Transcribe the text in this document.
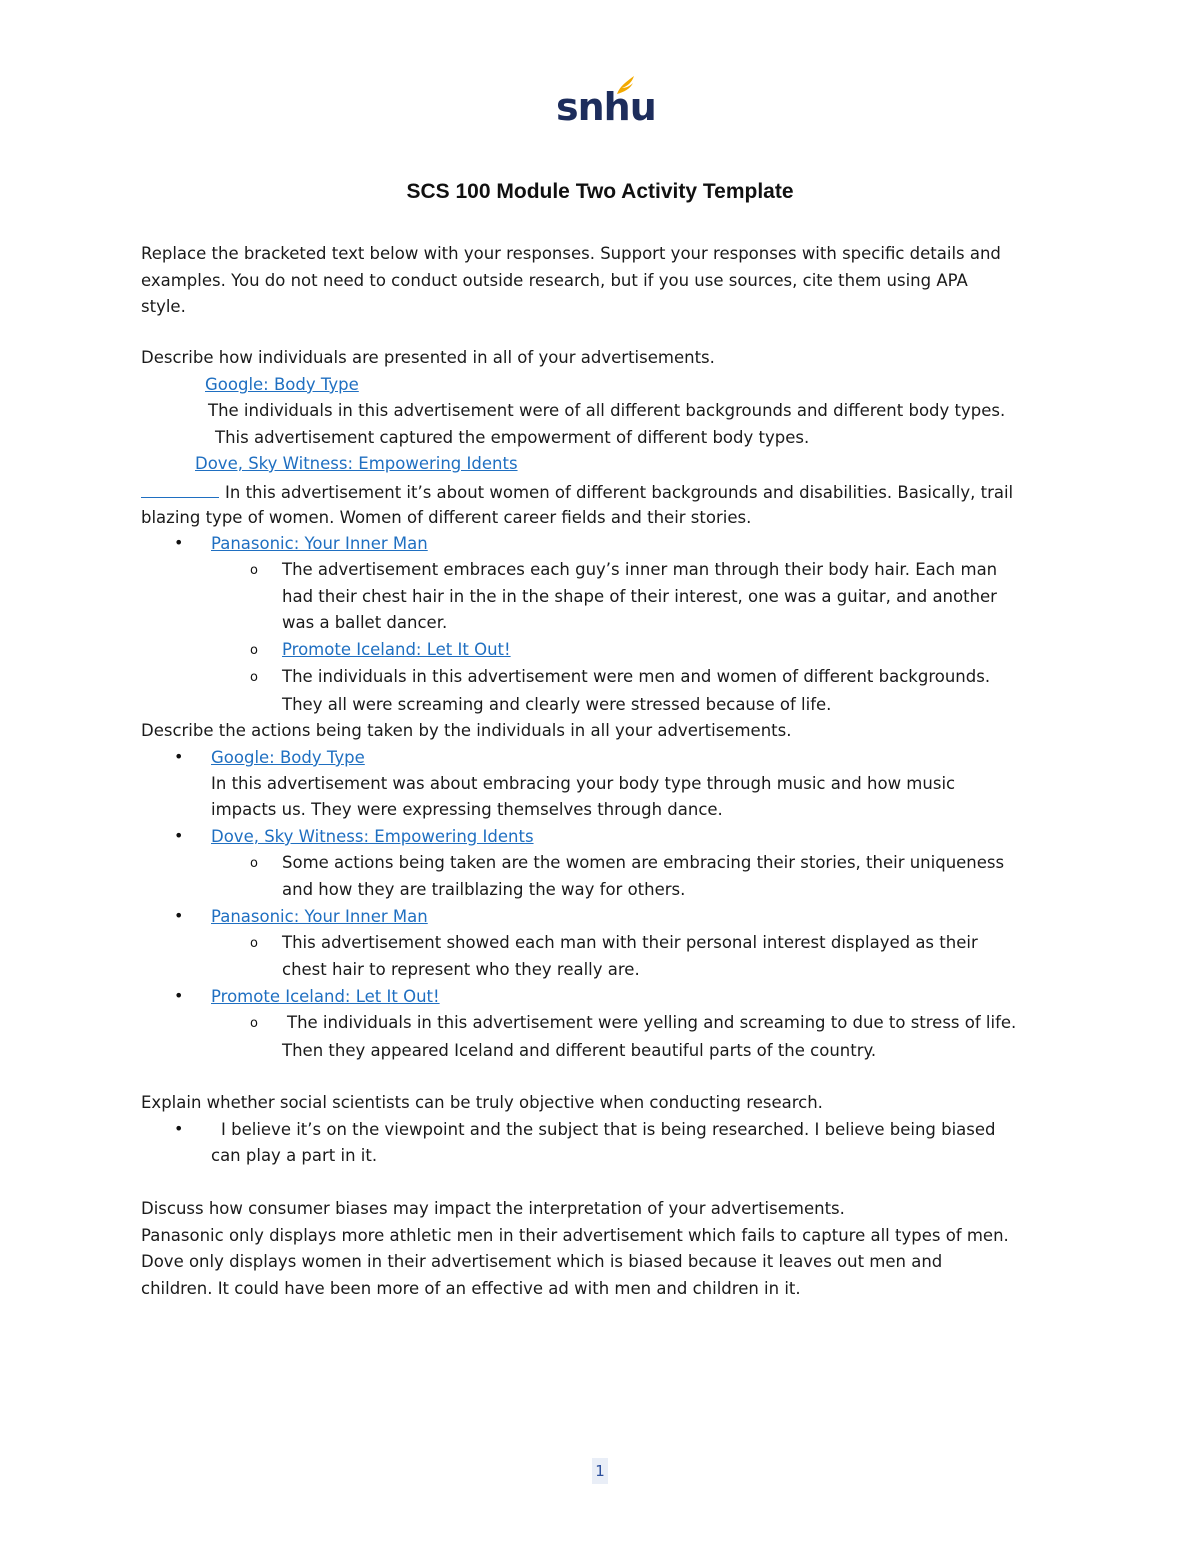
snhu
SCS 100 Module Two Activity Template
Replace the bracketed text below with your responses. Support your responses with specific details and
examples. You do not need to conduct outside research, but if you use sources, cite them using APA
style.
Describe how individuals are presented in all of your advertisements.
Google: Body Type
The individuals in this advertisement were of all different backgrounds and different body types.
This advertisement captured the empowerment of different body types.
Dove, Sky Witness: Empowering Idents
In this advertisement it’s about women of different backgrounds and disabilities. Basically, trail
blazing type of women. Women of different career fields and their stories.
• Panasonic: Your Inner Man
o The advertisement embraces each guy’s inner man through their body hair. Each man
had their chest hair in the in the shape of their interest, one was a guitar, and another
was a ballet dancer.
o Promote Iceland: Let It Out!
o The individuals in this advertisement were men and women of different backgrounds.
They all were screaming and clearly were stressed because of life.
Describe the actions being taken by the individuals in all your advertisements.
• Google: Body Type
In this advertisement was about embracing your body type through music and how music
impacts us. They were expressing themselves through dance.
• Dove, Sky Witness: Empowering Idents
o Some actions being taken are the women are embracing their stories, their uniqueness
and how they are trailblazing the way for others.
• Panasonic: Your Inner Man
o This advertisement showed each man with their personal interest displayed as their
chest hair to represent who they really are.
• Promote Iceland: Let It Out!
o The individuals in this advertisement were yelling and screaming to due to stress of life.
Then they appeared Iceland and different beautiful parts of the country.
Explain whether social scientists can be truly objective when conducting research.
• I believe it’s on the viewpoint and the subject that is being researched. I believe being biased
can play a part in it.
Discuss how consumer biases may impact the interpretation of your advertisements.
Panasonic only displays more athletic men in their advertisement which fails to capture all types of men.
Dove only displays women in their advertisement which is biased because it leaves out men and
children. It could have been more of an effective ad with men and children in it.
1
